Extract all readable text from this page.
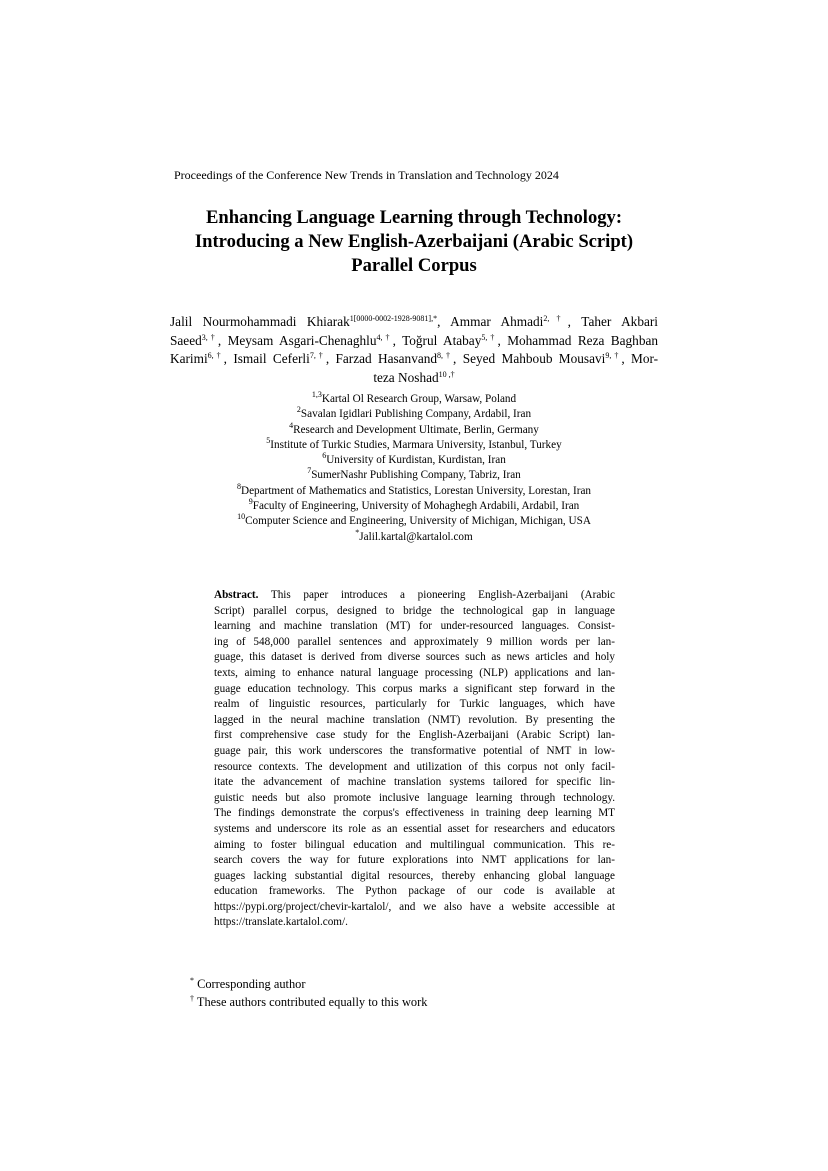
Proceedings of the Conference New Trends in Translation and Technology 2024
Enhancing Language Learning through Technology:
Introducing a New English-Azerbaijani (Arabic Script)
Parallel Corpus
Jalil Nourmohammadi Khiarak$^{1[0000-0002-1928-9081],*}$, Ammar Ahmadi$^{2,\dagger}$, Taher Akbari
Saeed$^{3,\dagger}$, Meysam Asgari-Chenaghlu$^{4,\dagger}$, Toğrul Atabay$^{5,\dagger}$, Mohammad Reza Baghban
Karimi$^{6,\dagger}$, Ismail Ceferli$^{7,\dagger}$, Farzad Hasanvand$^{8,\dagger}$, Seyed Mahboub Mousavi$^{9,\dagger}$, Mor-
teza Noshad$^{10 ,\dagger}$
$^{1,3}$Kartal Ol Research Group, Warsaw, Poland
$^2$Savalan Igidlari Publishing Company, Ardabil, Iran
$^4$Research and Development Ultimate, Berlin, Germany
$^5$Institute of Turkic Studies, Marmara University, Istanbul, Turkey
$^6$University of Kurdistan, Kurdistan, Iran
$^7$SumerNashr Publishing Company, Tabriz, Iran
$^8$Department of Mathematics and Statistics, Lorestan University, Lorestan, Iran
$^9$Faculty of Engineering, University of Mohaghegh Ardabili, Ardabil, Iran
$^{10}$Computer Science and Engineering, University of Michigan, Michigan, USA
*Jalil.kartal@kartalol.com
Abstract. This paper introduces a pioneering English-Azerbaijani (Arabic
Script) parallel corpus, designed to bridge the technological gap in language
learning and machine translation (MT) for under-resourced languages. Consist-
ing of 548,000 parallel sentences and approximately 9 million words per lan-
guage, this dataset is derived from diverse sources such as news articles and holy
texts, aiming to enhance natural language processing (NLP) applications and lan-
guage education technology. This corpus marks a significant step forward in the
realm of linguistic resources, particularly for Turkic languages, which have
lagged in the neural machine translation (NMT) revolution. By presenting the
first comprehensive case study for the English-Azerbaijani (Arabic Script) lan-
guage pair, this work underscores the transformative potential of NMT in low-
resource contexts. The development and utilization of this corpus not only facil-
itate the advancement of machine translation systems tailored for specific lin-
guistic needs but also promote inclusive language learning through technology.
The findings demonstrate the corpus's effectiveness in training deep learning MT
systems and underscore its role as an essential asset for researchers and educators
aiming to foster bilingual education and multilingual communication. This re-
search covers the way for future explorations into NMT applications for lan-
guages lacking substantial digital resources, thereby enhancing global language
education frameworks. The Python package of our code is available at
https://pypi.org/project/chevir-kartalol/, and we also have a website accessible at
https://translate.kartalol.com/.
* Corresponding author
† These authors contributed equally to this work
